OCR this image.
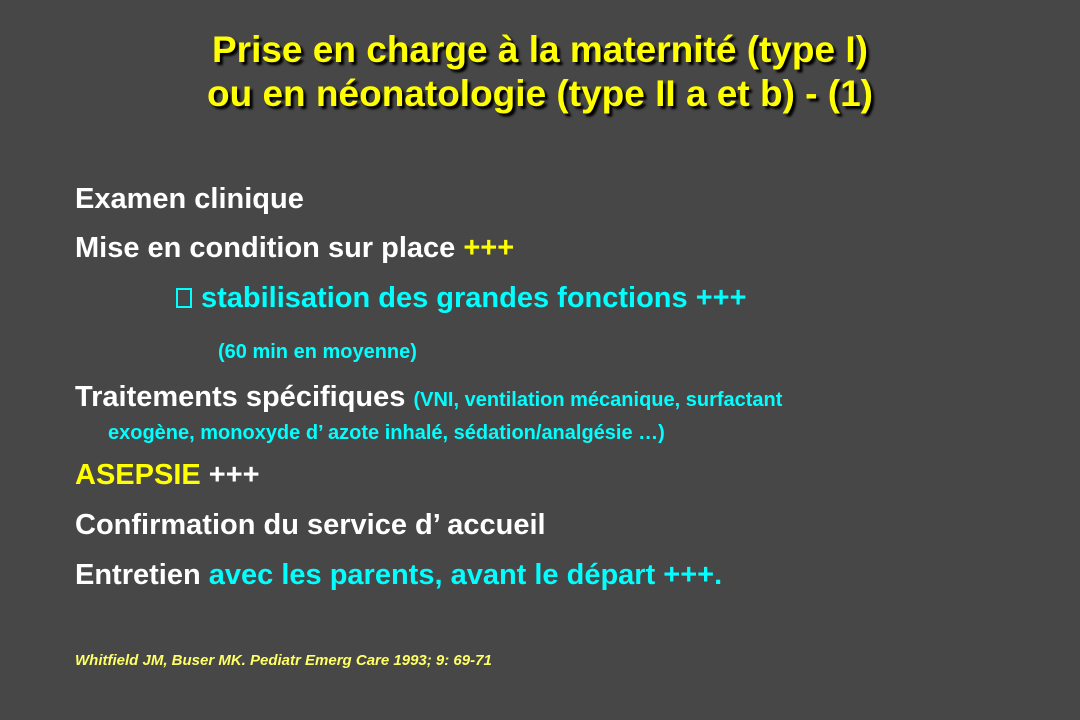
Prise en charge à la maternité (type I)
ou en néonatologie (type II a et b) - (1)
Examen clinique
Mise en condition sur place +++
stabilisation des grandes fonctions +++
(60 min en moyenne)
Traitements spécifiques (VNI, ventilation mécanique, surfactant
exogène, monoxyde d’ azote inhalé, sédation/analgésie …)
ASEPSIE +++
Confirmation du service d’ accueil
Entretien avec les parents, avant le départ +++.
Whitfield JM, Buser MK. Pediatr Emerg Care 1993; 9: 69-71
